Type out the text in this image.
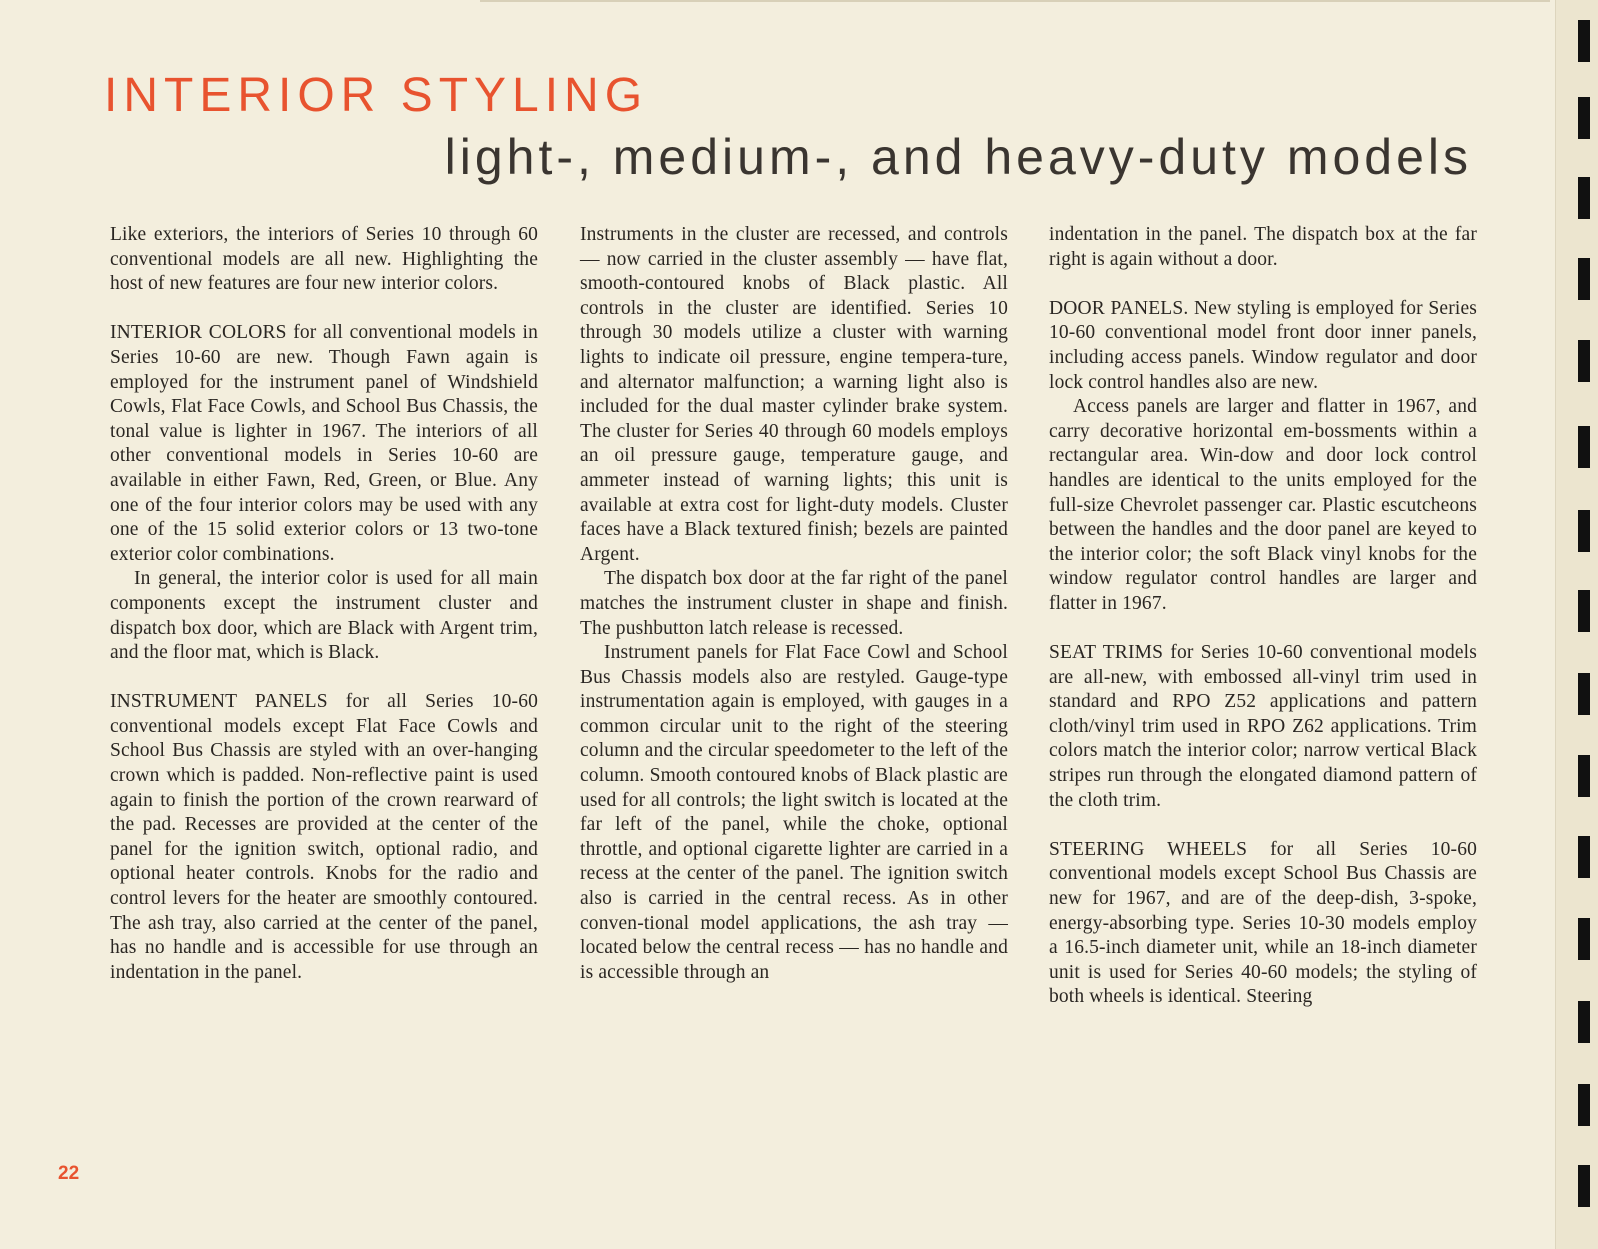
INTERIOR STYLING
light-, medium-, and heavy-duty models

Like exteriors, the interiors of Series 10 through 60 conventional models are all new. Highlighting the host of new features are four new interior colors.

INTERIOR COLORS for all conventional models in Series 10-60 are new. Though Fawn again is employed for the instrument panel of Windshield Cowls, Flat Face Cowls, and School Bus Chassis, the tonal value is lighter in 1967. The interiors of all other conventional models in Series 10-60 are available in either Fawn, Red, Green, or Blue. Any one of the four interior colors may be used with any one of the 15 solid exterior colors or 13 two-tone exterior color combinations.

In general, the interior color is used for all main components except the instrument cluster and dispatch box door, which are Black with Argent trim, and the floor mat, which is Black.

INSTRUMENT PANELS for all Series 10-60 conventional models except Flat Face Cowls and School Bus Chassis are styled with an over-hanging crown which is padded. Non-reflective paint is used again to finish the portion of the crown rearward of the pad. Recesses are provided at the center of the panel for the ignition switch, optional radio, and optional heater controls. Knobs for the radio and control levers for the heater are smoothly contoured. The ash tray, also carried at the center of the panel, has no handle and is accessible for use through an indentation in the panel.

Instruments in the cluster are recessed, and controls — now carried in the cluster assembly — have flat, smooth-contoured knobs of Black plastic. All controls in the cluster are identified. Series 10 through 30 models utilize a cluster with warning lights to indicate oil pressure, engine tempera-ture, and alternator malfunction; a warning light also is included for the dual master cylinder brake system. The cluster for Series 40 through 60 models employs an oil pressure gauge, temperature gauge, and ammeter instead of warning lights; this unit is available at extra cost for light-duty models. Cluster faces have a Black textured finish; bezels are painted Argent.

The dispatch box door at the far right of the panel matches the instrument cluster in shape and finish. The pushbutton latch release is recessed.

Instrument panels for Flat Face Cowl and School Bus Chassis models also are restyled. Gauge-type instrumentation again is employed, with gauges in a common circular unit to the right of the steering column and the circular speedometer to the left of the column. Smooth contoured knobs of Black plastic are used for all controls; the light switch is located at the far left of the panel, while the choke, optional throttle, and optional cigarette lighter are carried in a recess at the center of the panel. The ignition switch also is carried in the central recess. As in other conven-tional model applications, the ash tray — located below the central recess — has no handle and is accessible through an

indentation in the panel. The dispatch box at the far right is again without a door.

DOOR PANELS. New styling is employed for Series 10-60 conventional model front door inner panels, including access panels. Window regulator and door lock control handles also are new.

Access panels are larger and flatter in 1967, and carry decorative horizontal em-bossments within a rectangular area. Win-dow and door lock control handles are identical to the units employed for the full-size Chevrolet passenger car. Plastic escutcheons between the handles and the door panel are keyed to the interior color; the soft Black vinyl knobs for the window regulator control handles are larger and flatter in 1967.

SEAT TRIMS for Series 10-60 conventional models are all-new, with embossed all-vinyl trim used in standard and RPO Z52 applications and pattern cloth/vinyl trim used in RPO Z62 applications. Trim colors match the interior color; narrow vertical Black stripes run through the elongated diamond pattern of the cloth trim.

STEERING WHEELS for all Series 10-60 conventional models except School Bus Chassis are new for 1967, and are of the deep-dish, 3-spoke, energy-absorbing type. Series 10-30 models employ a 16.5-inch diameter unit, while an 18-inch diameter unit is used for Series 40-60 models; the styling of both wheels is identical. Steering

22
